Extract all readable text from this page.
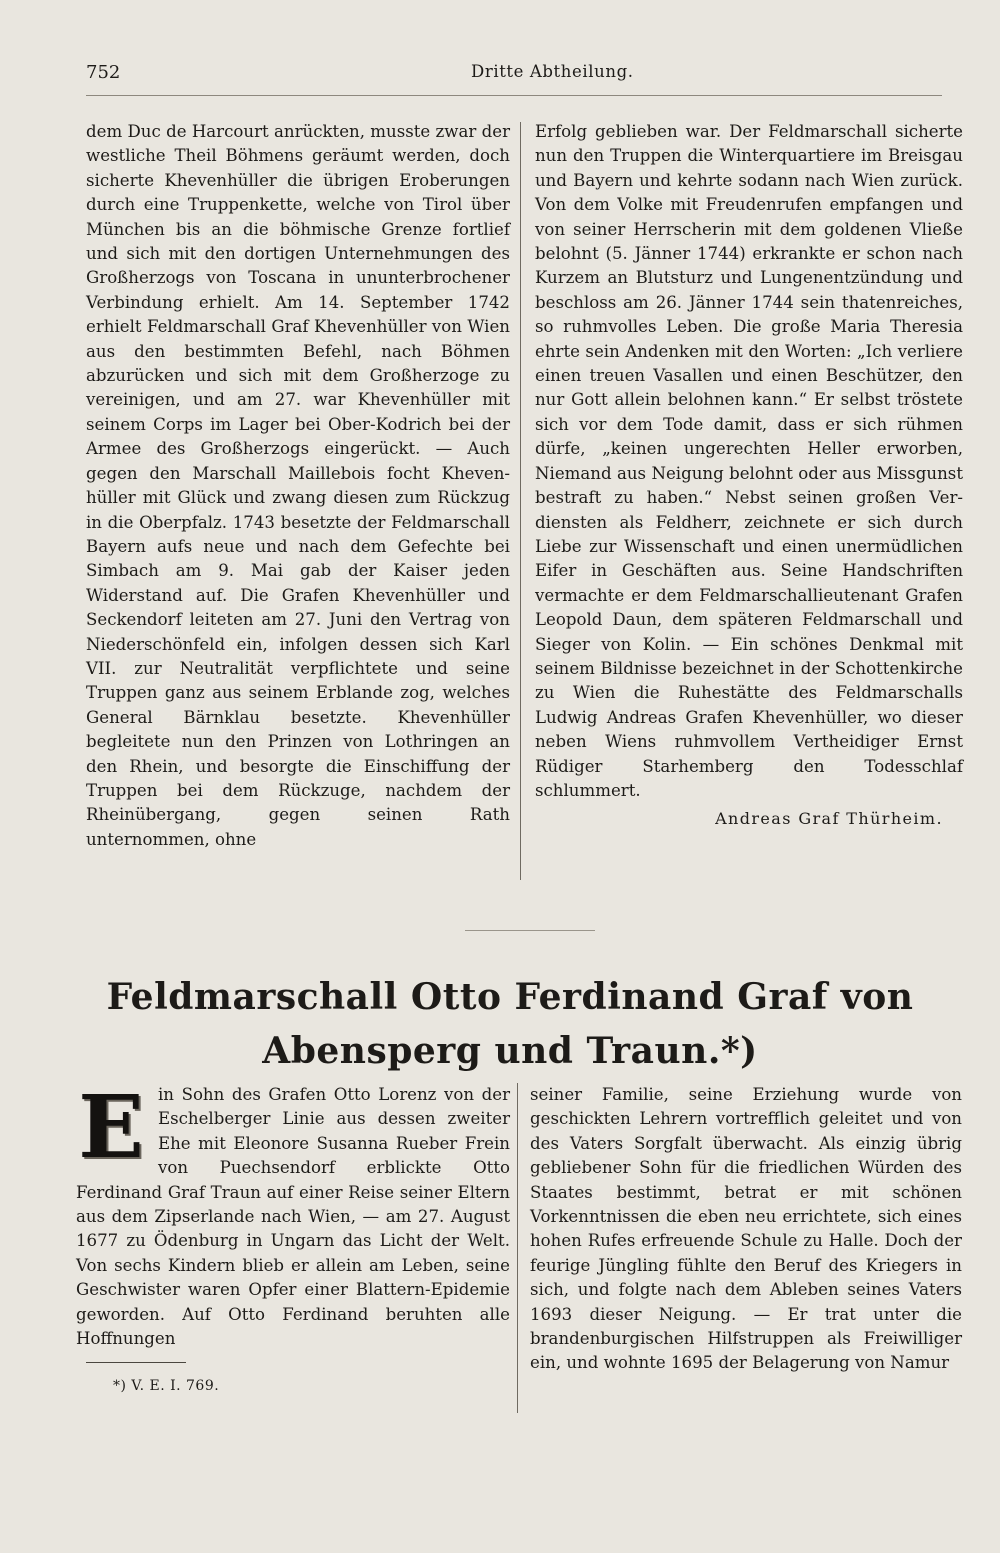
752	Dritte Abtheilung.

dem Duc de Harcourt anrückten, musste zwar der westliche Theil Böhmens geräumt werden, doch sicherte Khevenhüller die übrigen Eroberungen durch eine Truppenkette, welche von Tirol über München bis an die böhmische Grenze fortlief und sich mit den dortigen Unternehmungen des Großherzogs von Toscana in ununterbrochener Verbindung erhielt. Am 14. September 1742 erhielt Feldmarschall Graf Khevenhüller von Wien aus den bestimmten Befehl, nach Böhmen abzurücken und sich mit dem Großherzoge zu vereinigen, und am 27. war Khevenhüller mit seinem Corps im Lager bei Ober-Kodrich bei der Armee des Großherzogs eingerückt. — Auch gegen den Marschall Maillebois focht Khevenhüller mit Glück und zwang diesen zum Rückzug in die Oberpfalz. 1743 besetzte der Feldmarschall Bayern aufs neue und nach dem Gefechte bei Simbach am 9. Mai gab der Kaiser jeden Widerstand auf. Die Grafen Khevenhüller und Seckendorf leiteten am 27. Juni den Vertrag von Niederschönfeld ein, infolgen dessen sich Karl VII. zur Neutralität verpflichtete und seine Truppen ganz aus seinem Erblande zog, welches General Bärnklau besetzte. Khevenhüller begleitete nun den Prinzen von Lothringen an den Rhein, und besorgte die Einschiffung der Truppen bei dem Rückzuge, nachdem der Rheinübergang, gegen seinen Rath unternommen, ohne

Erfolg geblieben war. Der Feldmarschall sicherte nun den Truppen die Winterquartiere im Breisgau und Bayern und kehrte sodann nach Wien zurück. Von dem Volke mit Freudenrufen empfangen und von seiner Herrscherin mit dem goldenen Vließe belohnt (5. Jänner 1744) erkrankte er schon nach Kurzem an Blutsturz und Lungenentzündung und beschloss am 26. Jänner 1744 sein thatenreiches, so ruhmvolles Leben. Die große Maria Theresia ehrte sein Andenken mit den Worten: „Ich verliere einen treuen Vasallen und einen Beschützer, den nur Gott allein belohnen kann.“ Er selbst tröstete sich vor dem Tode damit, dass er sich rühmen dürfe, „keinen ungerechten Heller erworben, Niemand aus Neigung belohnt oder aus Missgunst bestraft zu haben.“ Nebst seinen großen Verdiensten als Feldherr, zeichnete er sich durch Liebe zur Wissenschaft und einen unermüdlichen Eifer in Geschäften aus. Seine Handschriften vermachte er dem Feldmarschallieutenant Grafen Leopold Daun, dem späteren Feldmarschall und Sieger von Kolin. — Ein schönes Denkmal mit seinem Bildnisse bezeichnet in der Schottenkirche zu Wien die Ruhestätte des Feldmarschalls Ludwig Andreas Grafen Khevenhüller, wo dieser neben Wiens ruhmvollem Vertheidiger Ernst Rüdiger Starhemberg den Todesschlaf schlummert.

Andreas Graf Thürheim.
Feldmarschall Otto Ferdinand Graf von Abensperg und Traun.*)

Ein Sohn des Grafen Otto Lorenz von der Eschelberger Linie aus dessen zweiter Ehe mit Eleonore Susanna Rueber Frein von Puechsendorf erblickte Otto Ferdinand Graf Traun auf einer Reise seiner Eltern aus dem Zipserlande nach Wien, — am 27. August 1677 zu Ödenburg in Ungarn das Licht der Welt. Von sechs Kindern blieb er allein am Leben, seine Geschwister waren Opfer einer Blattern-Epidemie geworden. Auf Otto Ferdinand beruhten alle Hoffnungen

seiner Familie, seine Erziehung wurde von geschickten Lehrern vortrefflich geleitet und von des Vaters Sorgfalt überwacht. Als einzig übrig gebliebener Sohn für die friedlichen Würden des Staates bestimmt, betrat er mit schönen Vorkenntnissen die eben neu errichtete, sich eines hohen Rufes erfreuende Schule zu Halle. Doch der feurige Jüngling fühlte den Beruf des Kriegers in sich, und folgte nach dem Ableben seines Vaters 1693 dieser Neigung. — Er trat unter die brandenburgischen Hilfstruppen als Freiwilliger ein, und wohnte 1695 der Belagerung von Namur

*) V. E. I. 769.
